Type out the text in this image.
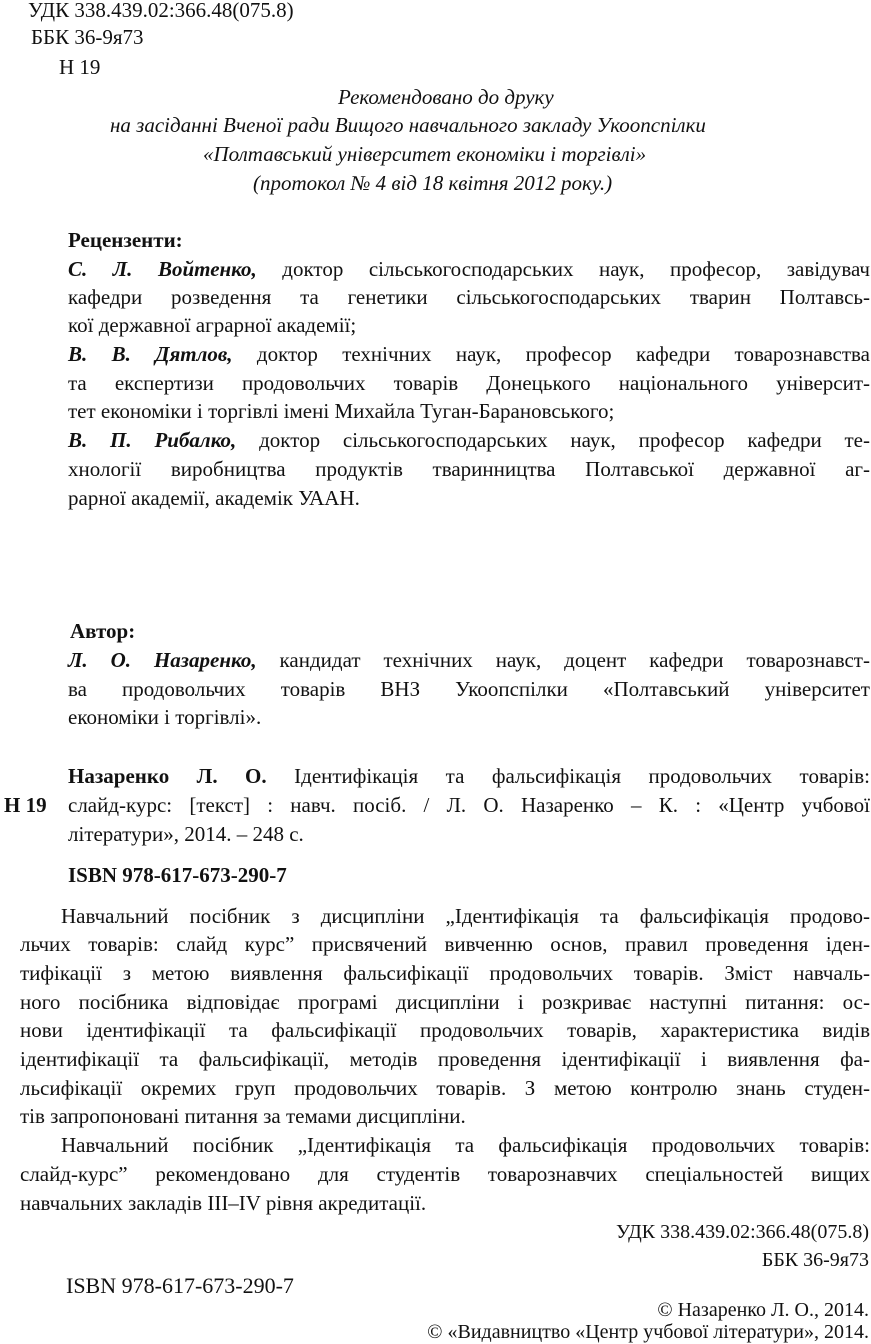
УДК 338.439.02:366.48(075.8)
ББК 36-9я73
Н 19
Рекомендовано до друку
на засіданні Вченої ради Вищого навчального закладу Укоопспілки
«Полтавський університет економіки і торгівлі»
(протокол № 4 від 18 квітня 2012 року.)
Рецензенти:
С. Л. Войтенко, доктор сільськогосподарських наук, професор, завідувач
кафедри розведення та генетики сільськогосподарських тварин Полтавсь-
кої державної аграрної академії;
В. В. Дятлов, доктор технічних наук, професор кафедри товарознавства
та експертизи продовольчих товарів Донецького національного університ-
тет економіки і торгівлі імені Михайла Туган-Барановського;
В. П. Рибалко, доктор сільськогосподарських наук, професор кафедри те-
хнології виробництва продуктів тваринництва Полтавської державної аг-
рарної академії, академік УААН.
Автор:
Л. О. Назаренко, кандидат технічних наук, доцент кафедри товарознавст-
ва продовольчих товарів ВНЗ Укоопспілки «Полтавський університет
економіки і торгівлі».
Н 19
Назаренко Л. О. Ідентифікація та фальсифікація продовольчих товарів:
слайд-курс: [текст] : навч. посіб. / Л. О. Назаренко – К. : «Центр учбової
літератури», 2014. – 248 с.
ISBN 978-617-673-290-7
Навчальний посібник з дисципліни „Ідентифікація та фальсифікація продово-
льчих товарів: слайд курс” присвячений вивченню основ, правил проведення іден-
тифікації з метою виявлення фальсифікації продовольчих товарів. Зміст навчаль-
ного посібника відповідає програмі дисципліни і розкриває наступні питання: ос-
нови ідентифікації та фальсифікації продовольчих товарів, характеристика видів
ідентифікації та фальсифікації, методів проведення ідентифікації і виявлення фа-
льсифікації окремих груп продовольчих товарів. З метою контролю знань студен-
тів запропоновані питання за темами дисципліни.
Навчальний посібник „Ідентифікація та фальсифікація продовольчих товарів:
слайд-курс” рекомендовано для студентів товарознавчих спеціальностей вищих
навчальних закладів III–IV рівня акредитації.
УДК 338.439.02:366.48(075.8)
ББК 36-9я73
ISBN 978-617-673-290-7
© Назаренко Л. О., 2014.
© «Видавництво «Центр учбової літератури», 2014.
